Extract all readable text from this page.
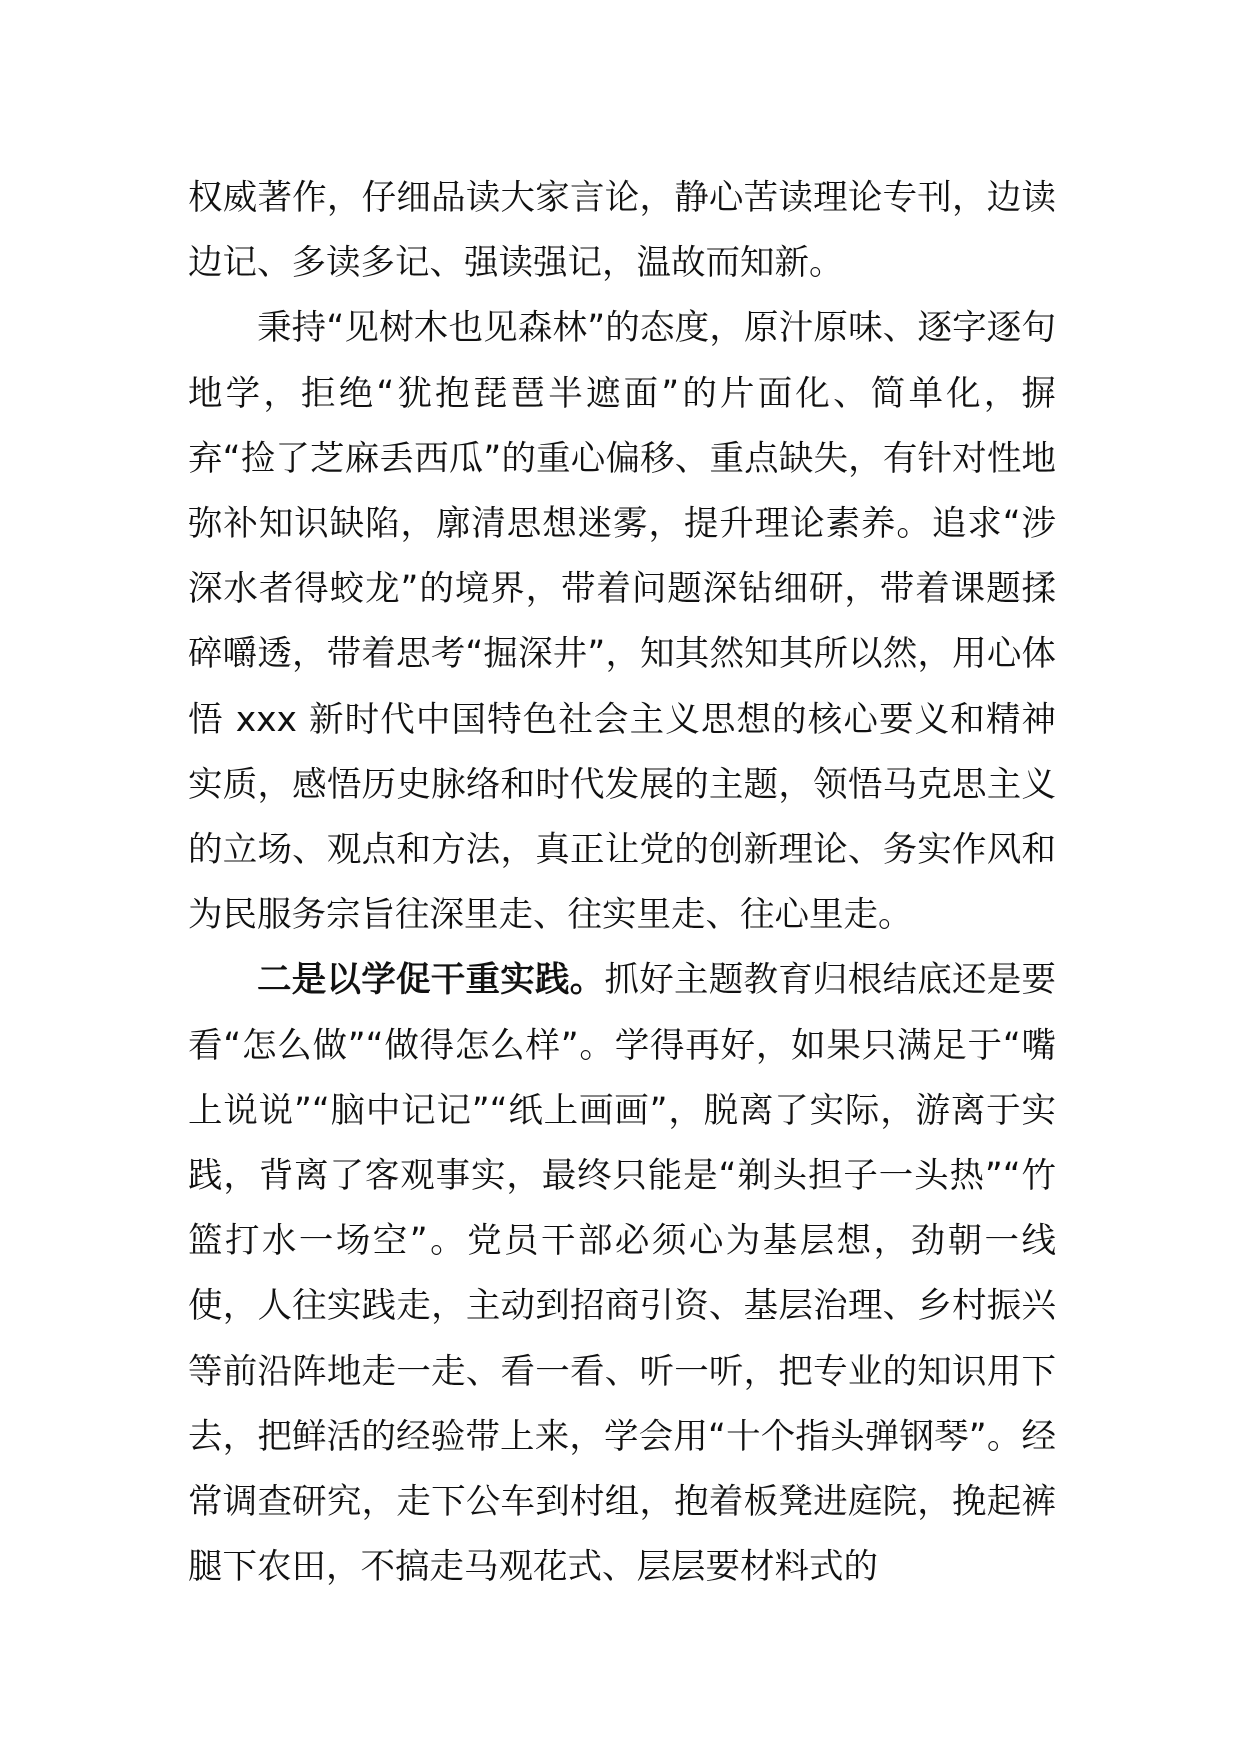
权威著作，仔细品读大家言论，静心苦读理论专刊，边读边记、多读多记、强读强记，温故而知新。

秉持“见树木也见森林”的态度，原汁原味、逐字逐句地学，拒绝“犹抱琵琶半遮面”的片面化、简单化，摒弃“捡了芝麻丢西瓜”的重心偏移、重点缺失，有针对性地弥补知识缺陷，廓清思想迷雾，提升理论素养。追求“涉深水者得蛟龙”的境界，带着问题深钻细研，带着课题揉碎嚼透，带着思考“掘深井”，知其然知其所以然，用心体悟 xxx 新时代中国特色社会主义思想的核心要义和精神实质，感悟历史脉络和时代发展的主题，领悟马克思主义的立场、观点和方法，真正让党的创新理论、务实作风和为民服务宗旨往深里走、往实里走、往心里走。

二是以学促干重实践。抓好主题教育归根结底还是要看“怎么做”“做得怎么样”。学得再好，如果只满足于“嘴上说说”“脑中记记”“纸上画画”，脱离了实际，游离于实践，背离了客观事实，最终只能是“剃头担子一头热”“竹篮打水一场空”。党员干部必须心为基层想，劲朝一线使，人往实践走，主动到招商引资、基层治理、乡村振兴等前沿阵地走一走、看一看、听一听，把专业的知识用下去，把鲜活的经验带上来，学会用“十个指头弹钢琴”。经常调查研究，走下公车到村组，抱着板凳进庭院，挽起裤腿下农田，不搞走马观花式、层层要材料式的
